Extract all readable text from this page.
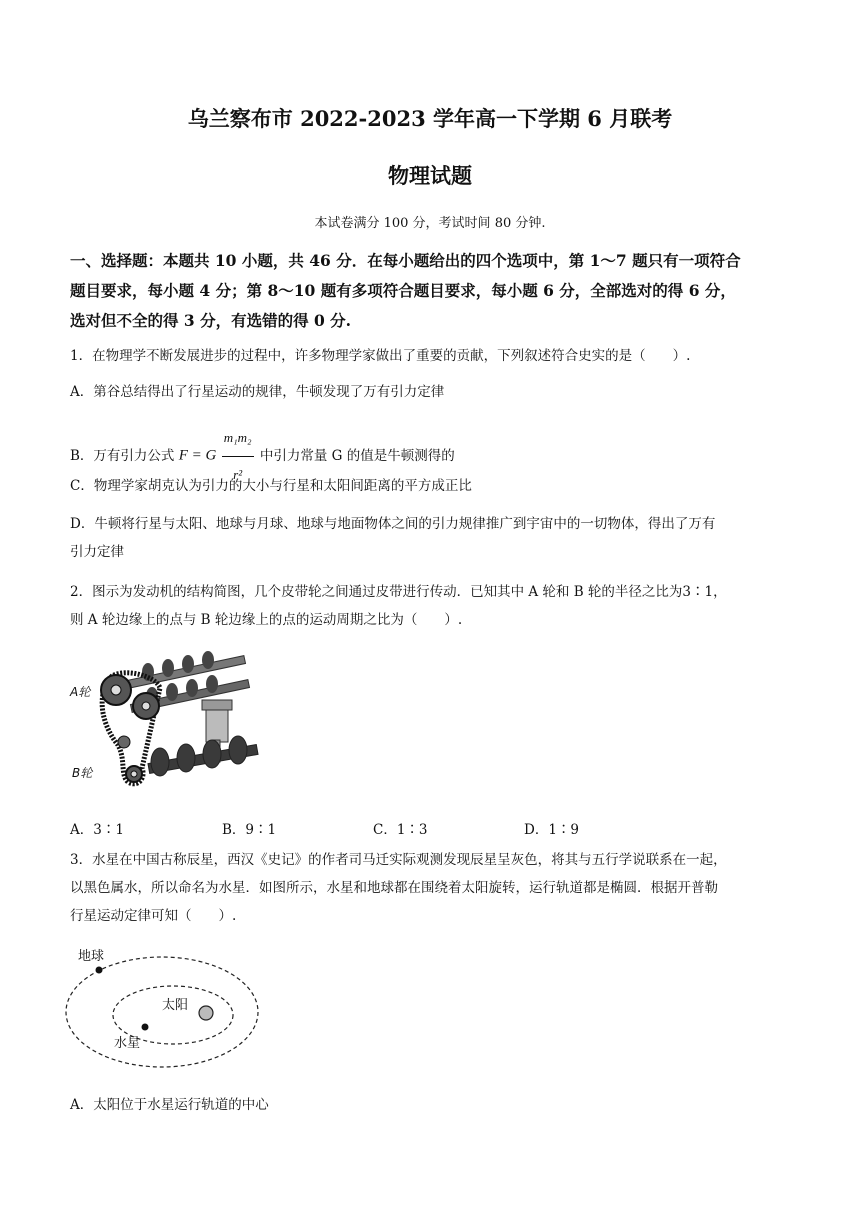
乌兰察布市 2022-2023 学年高一下学期 6 月联考
物理试题
本试卷满分 100 分，考试时间 80 分钟.
一、选择题：本题共 10 小题，共 46 分．在每小题给出的四个选项中，第 1～7 题只有一项符合
题目要求，每小题 4 分；第 8～10 题有多项符合题目要求，每小题 6 分，全部选对的得 6 分，
选对但不全的得 3 分，有选错的得 0 分.
1．在物理学不断发展进步的过程中，许多物理学家做出了重要的贡献，下列叙述符合史实的是（　　）.
A．第谷总结得出了行星运动的规律，牛顿发现了万有引力定律
B．万有引力公式 F = G $\frac{\text{m₁m₂}}{\text{r²}}$ 中引力常量 G 的值是牛顿测得的
C．物理学家胡克认为引力的大小与行星和太阳间距离的平方成正比
D．牛顿将行星与太阳、地球与月球、地球与地面物体之间的引力规律推广到宇宙中的一切物体，得出了万有
引力定律
2．图示为发动机的结构简图，几个皮带轮之间通过皮带进行传动．已知其中 A 轮和 B 轮的半径之比为3∶1，
则 A 轮边缘上的点与 B 轮边缘上的点的运动周期之比为（　　）.
A轮
B轮
A．3∶1	B．9∶1	C．1∶3	D．1∶9
3．水星在中国古称辰星，西汉《史记》的作者司马迁实际观测发现辰星呈灰色，将其与五行学说联系在一起，
以黑色属水，所以命名为水星．如图所示，水星和地球都在围绕着太阳旋转，运行轨道都是椭圆．根据开普勒
行星运动定律可知（　　）.
地球
太阳
水星
A．太阳位于水星运行轨道的中心
